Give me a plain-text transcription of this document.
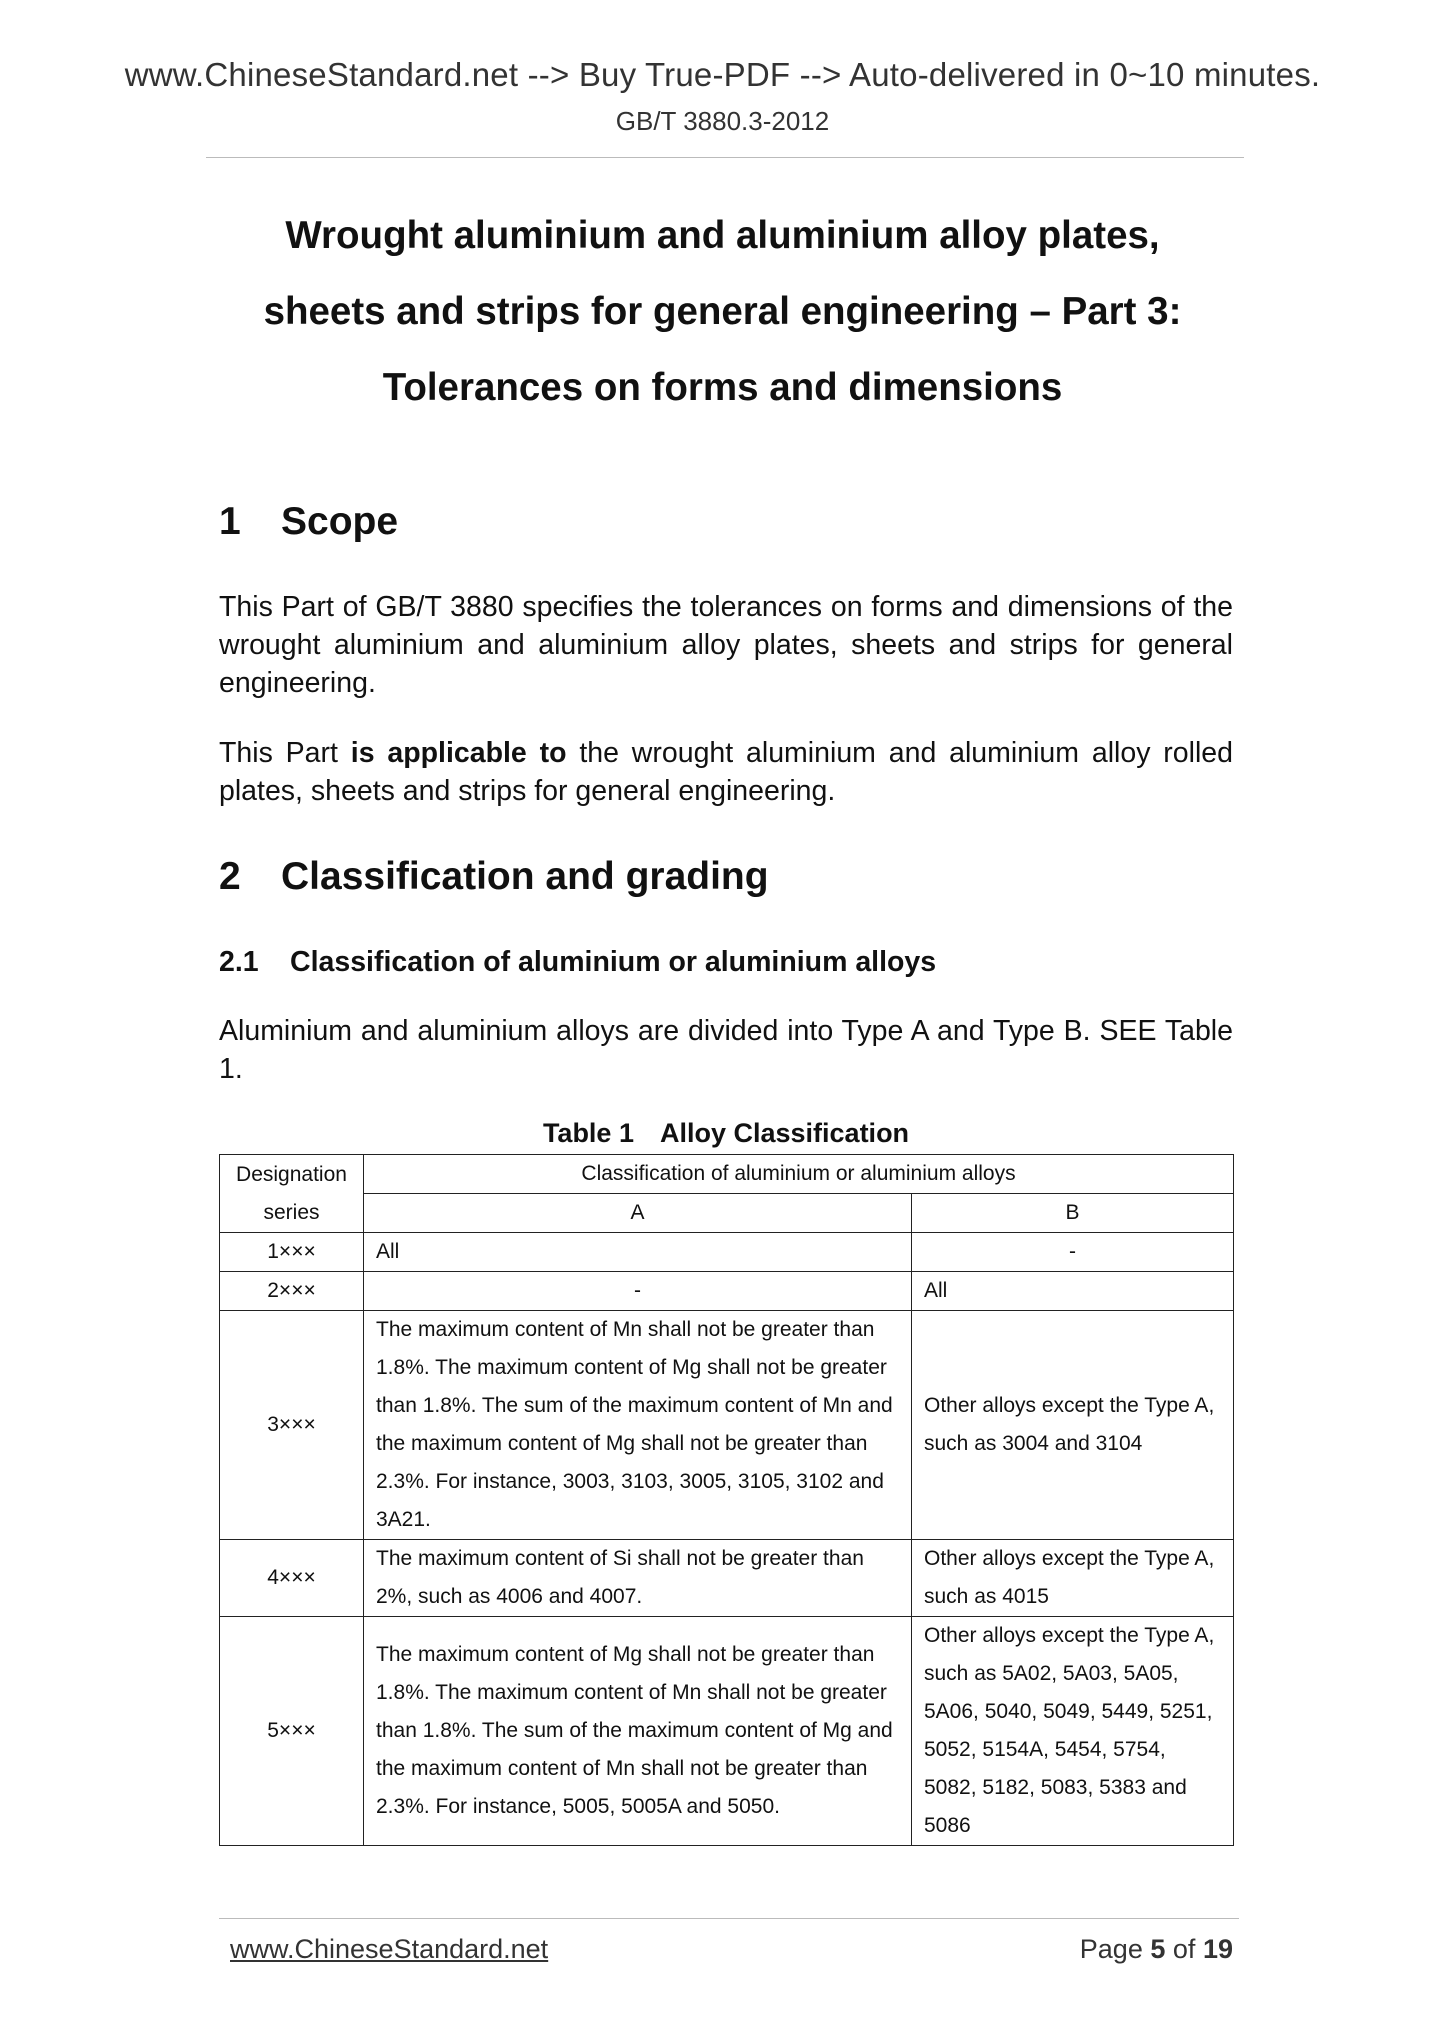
www.ChineseStandard.net --> Buy True-PDF --> Auto-delivered in 0~10 minutes.
GB/T 3880.3-2012
Wrought aluminium and aluminium alloy plates,
sheets and strips for general engineering – Part 3:
Tolerances on forms and dimensions
1 Scope

This Part of GB/T 3880 specifies the tolerances on forms and dimensions of the wrought aluminium and aluminium alloy plates, sheets and strips for general engineering.

This Part is applicable to the wrought aluminium and aluminium alloy rolled plates, sheets and strips for general engineering.

2 Classification and grading
2.1 Classification of aluminium or aluminium alloys

Aluminium and aluminium alloys are divided into Type A and Type B. SEE Table 1.

Table 1 Alloy Classification
Designation
series	Classification of aluminium or aluminium alloys	
	A	B
1×××	All	-
2×××	-	All
3×××	The maximum content of Mn shall not be greater than 1.8%. The maximum content of Mg shall not be greater than 1.8%. The sum of the maximum content of Mn and the maximum content of Mg shall not be greater than 2.3%. For instance, 3003, 3103, 3005, 3105, 3102 and 3A21.	Other alloys except the Type A, such as 3004 and 3104
4×××	The maximum content of Si shall not be greater than 2%, such as 4006 and 4007.	Other alloys except the Type A, such as 4015
5×××	The maximum content of Mg shall not be greater than 1.8%. The maximum content of Mn shall not be greater than 1.8%. The sum of the maximum content of Mg and the maximum content of Mn shall not be greater than 2.3%. For instance, 5005, 5005A and 5050.	Other alloys except the Type A, such as 5A02, 5A03, 5A05, 5A06, 5040, 5049, 5449, 5251, 5052, 5154A, 5454, 5754, 5082, 5182, 5083, 5383 and 5086
www.ChineseStandard.net	Page 5 of 19
